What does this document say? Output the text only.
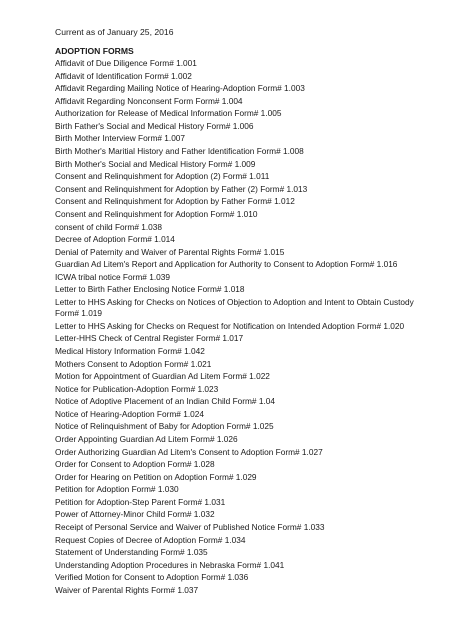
Current as of January 25, 2016
ADOPTION FORMS
Affidavit of Due Diligence Form# 1.001
Affidavit of Identification Form# 1.002
Affidavit Regarding Mailing Notice of Hearing-Adoption Form# 1.003
Affidavit Regarding Nonconsent Form Form# 1.004
Authorization for Release of Medical Information Form# 1.005
Birth Father's Social and Medical History Form# 1.006
Birth Mother Interview Form# 1.007
Birth Mother's Maritial History and Father Identification Form# 1.008
Birth Mother's Social and Medical History Form# 1.009
Consent and Relinquishment for Adoption (2) Form# 1.011
Consent and Relinquishment for Adoption by Father (2) Form# 1.013
Consent and Relinquishment for Adoption by Father Form# 1.012
Consent and Relinquishment for Adoption Form# 1.010
consent of child Form# 1.038
Decree of Adoption Form# 1.014
Denial of Paternity and Waiver of Parental Rights Form# 1.015
Guardian Ad Litem's Report and Application for Authority to Consent to Adoption Form# 1.016
ICWA tribal notice Form# 1.039
Letter to Birth Father Enclosing Notice Form# 1.018
Letter to HHS Asking for Checks on Notices of Objection to Adoption and Intent to Obtain Custody Form# 1.019
Letter to HHS Asking for Checks on Request for Notification on Intended Adoption Form# 1.020
Letter-HHS Check of Central Register Form# 1.017
Medical History Information Form# 1.042
Mothers Consent to Adoption Form# 1.021
Motion for Appointment of Guardian Ad Litem Form# 1.022
Notice for Publication-Adoption Form# 1.023
Notice of Adoptive Placement of an Indian Child Form# 1.04
Notice of Hearing-Adoption Form# 1.024
Notice of Relinquishment of Baby for Adoption Form# 1.025
Order Appointing Guardian Ad Litem Form# 1.026
Order Authorizing Guardian Ad Litem's Consent to Adoption Form# 1.027
Order for Consent to Adoption Form# 1.028
Order for Hearing on Petition on Adoption Form# 1.029
Petition for Adoption Form# 1.030
Petition for Adoption-Step Parent Form# 1.031
Power of Attorney-Minor Child Form# 1.032
Receipt of Personal Service and Waiver of Published Notice Form# 1.033
Request Copies of Decree of Adoption Form# 1.034
Statement of Understanding Form# 1.035
Understanding Adoption Procedures in Nebraska Form# 1.041
Verified Motion for Consent to Adoption Form# 1.036
Waiver of Parental Rights Form# 1.037
